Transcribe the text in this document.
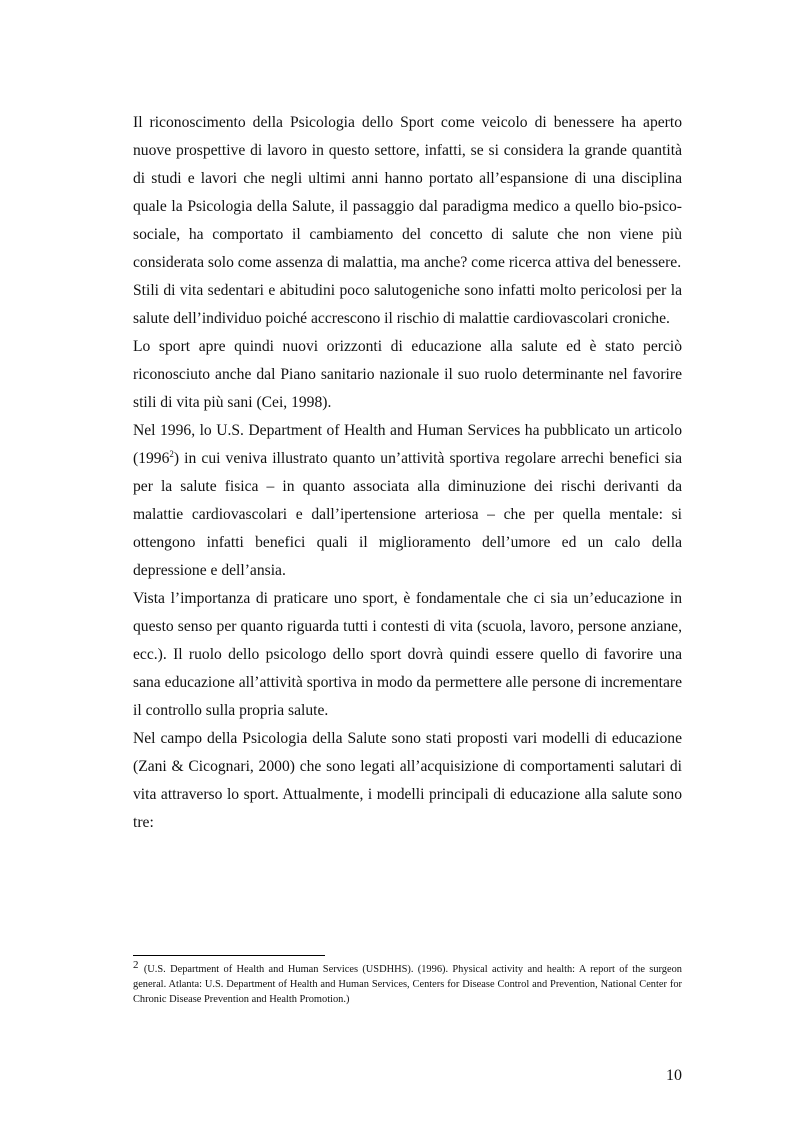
Il riconoscimento della Psicologia dello Sport come veicolo di benessere ha aperto nuove prospettive di lavoro in questo settore, infatti, se si considera la grande quantità di studi e lavori che negli ultimi anni hanno portato all’espansione di una disciplina quale la Psicologia della Salute, il passaggio dal paradigma medico a quello bio-psico-sociale, ha comportato il cambiamento del concetto di salute che non viene più considerata solo come assenza di malattia, ma anche? come ricerca attiva del benessere.

Stili di vita sedentari e abitudini poco salutogeniche sono infatti molto pericolosi per la salute dell’individuo poiché accrescono il rischio di malattie cardiovascolari croniche.

Lo sport apre quindi nuovi orizzonti di educazione alla salute ed è stato perciò riconosciuto anche dal Piano sanitario nazionale il suo ruolo determinante nel favorire stili di vita più sani (Cei, 1998).

Nel 1996, lo U.S. Department of Health and Human Services ha pubblicato un articolo (1996$^2$) in cui veniva illustrato quanto un’attività sportiva regolare arrechi benefici sia per la salute fisica – in quanto associata alla diminuzione dei rischi derivanti da malattie cardiovascolari e dall’ipertensione arteriosa – che per quella mentale: si ottengono infatti benefici quali il miglioramento dell’umore ed un calo della depressione e dell’ansia.

Vista l’importanza di praticare uno sport, è fondamentale che ci sia un’educazione in questo senso per quanto riguarda tutti i contesti di vita (scuola, lavoro, persone anziane, ecc.). Il ruolo dello psicologo dello sport dovrà quindi essere quello di favorire una sana educazione all’attività sportiva in modo da permettere alle persone di incrementare il controllo sulla propria salute.

Nel campo della Psicologia della Salute sono stati proposti vari modelli di educazione (Zani & Cicognari, 2000) che sono legati all’acquisizione di comportamenti salutari di vita attraverso lo sport. Attualmente, i modelli principali di educazione alla salute sono tre:

2 (U.S. Department of Health and Human Services (USDHHS). (1996). Physical activity and health: A report of the surgeon general. Atlanta: U.S. Department of Health and Human Services, Centers for Disease Control and Prevention, National Center for Chronic Disease Prevention and Health Promotion.)
10
